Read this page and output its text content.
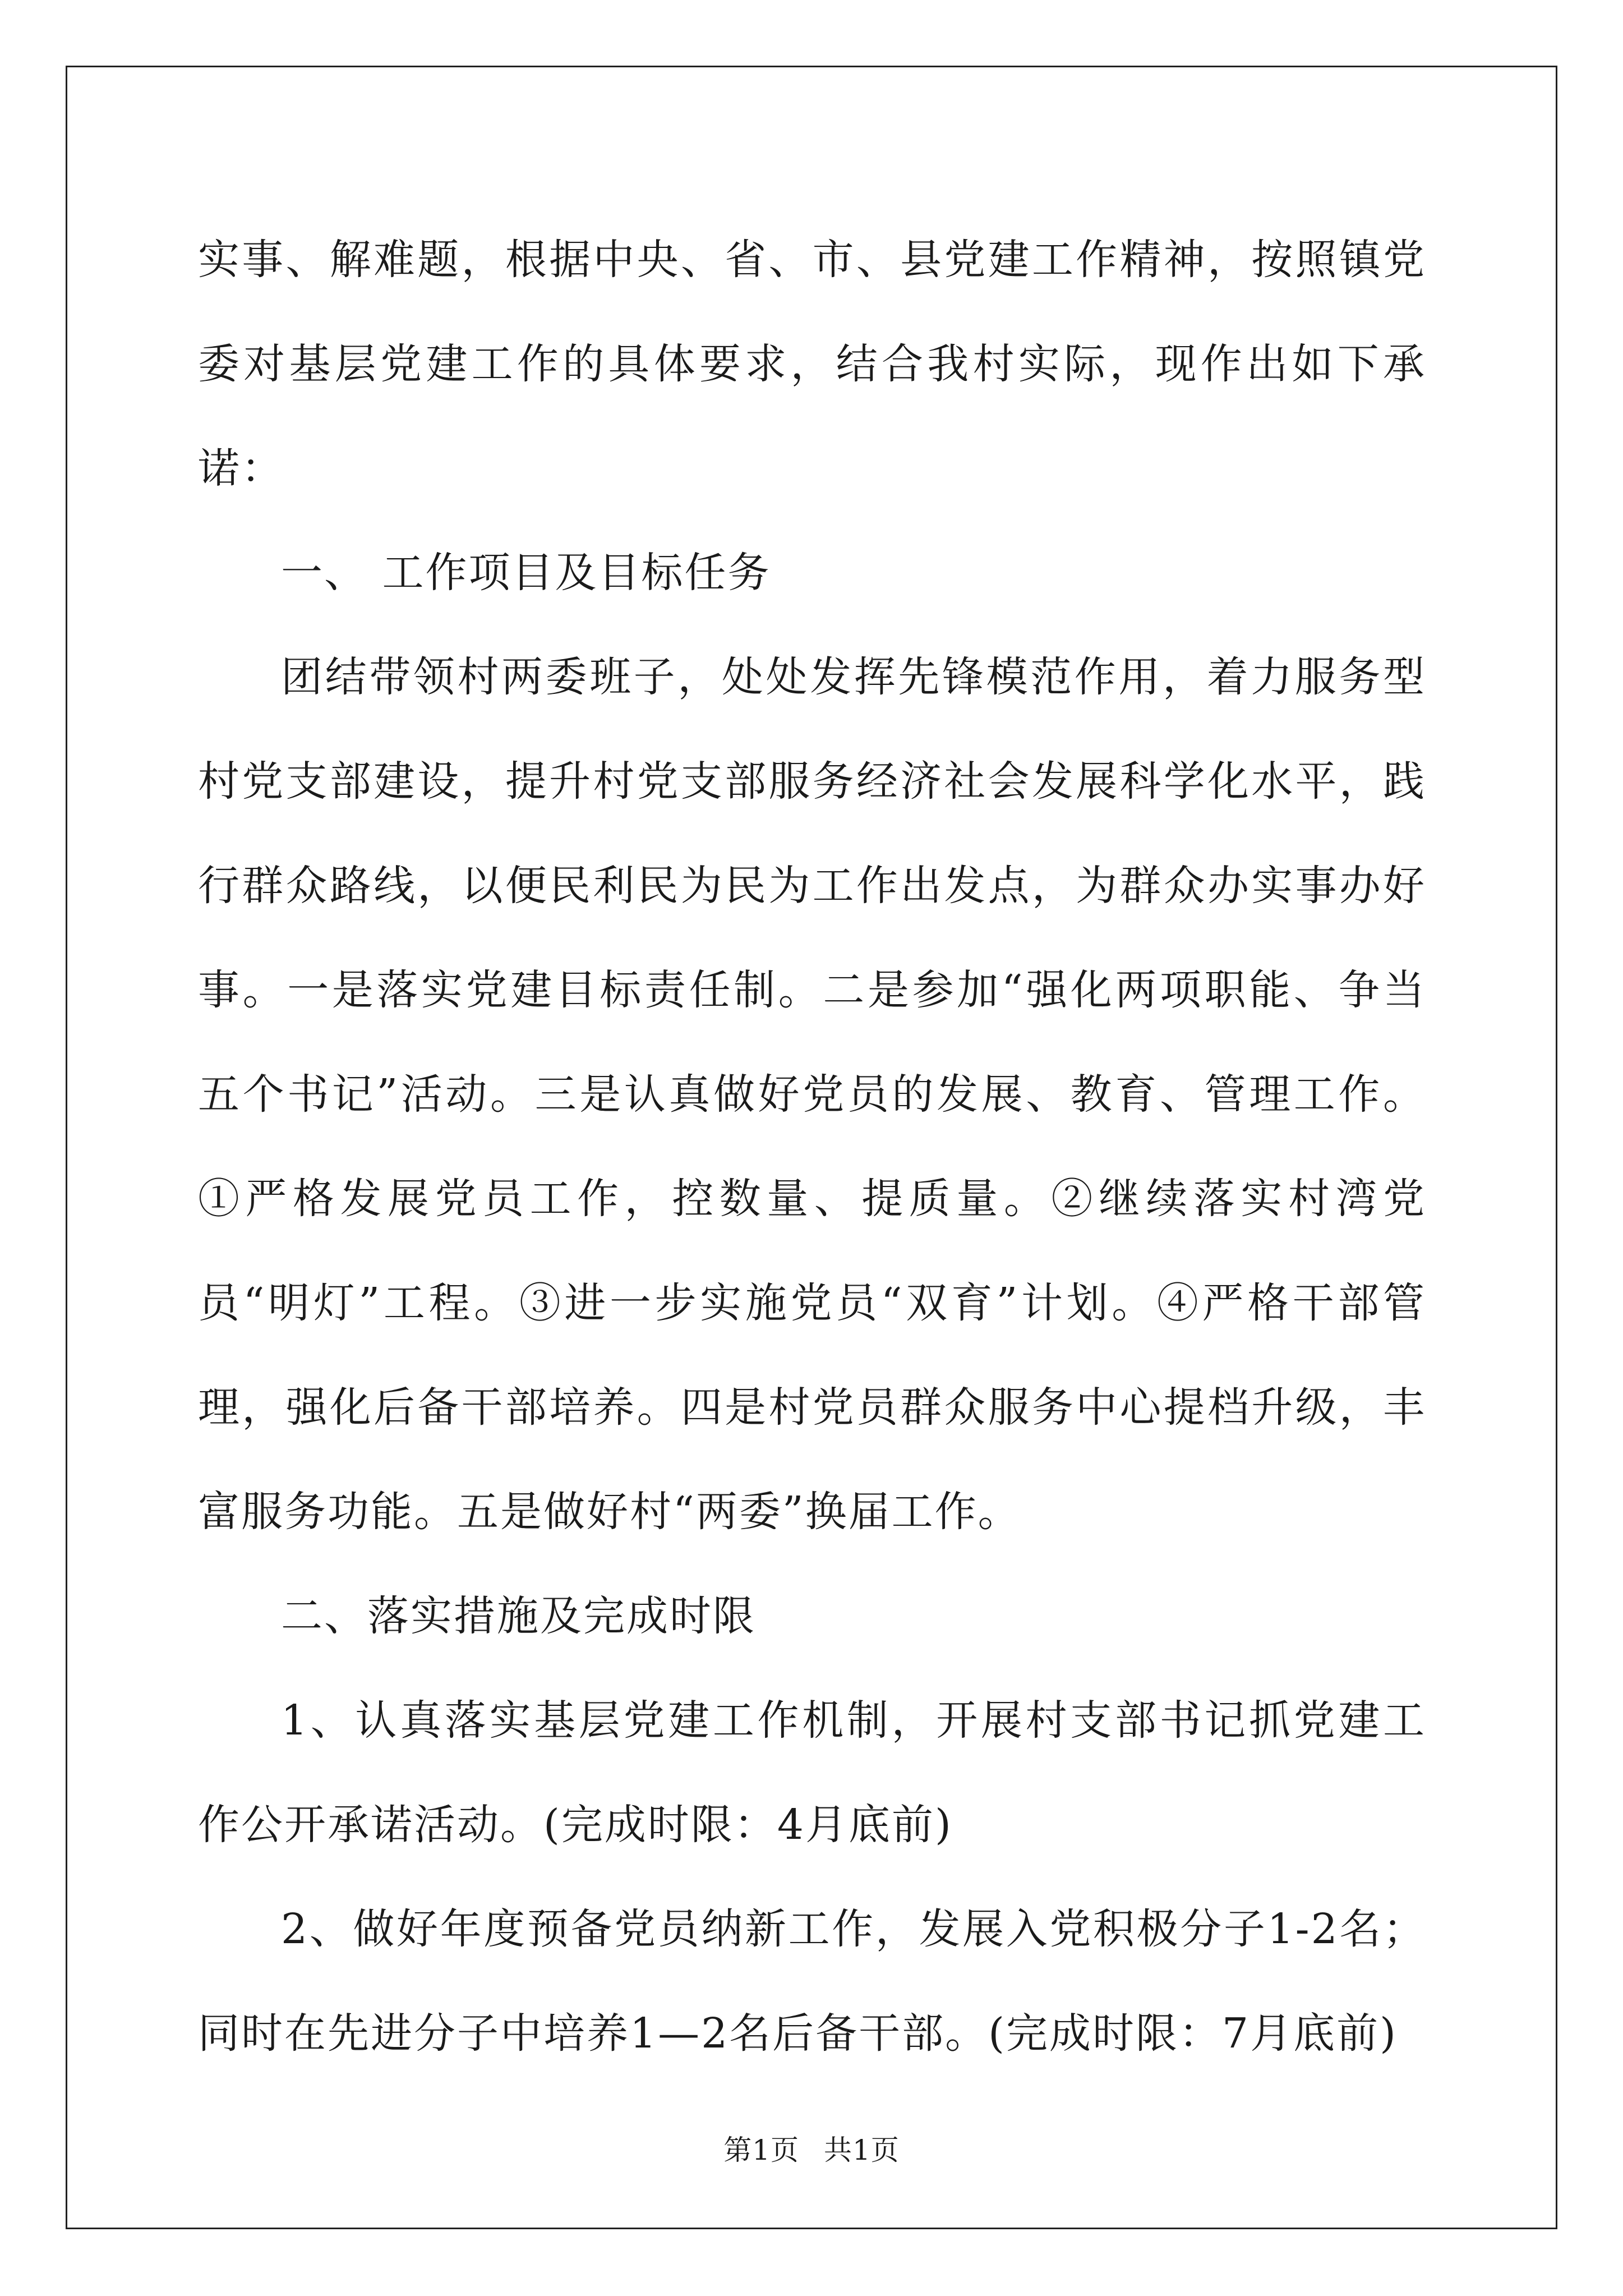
实事、解难题，根据中央、省、市、县党建工作精神，按照镇党委对基层党建工作的具体要求，结合我村实际，现作出如下承诺：

一、 工作项目及目标任务

团结带领村两委班子，处处发挥先锋模范作用，着力服务型村党支部建设，提升村党支部服务经济社会发展科学化水平，践行群众路线，以便民利民为民为工作出发点，为群众办实事办好事。一是落实党建目标责任制。二是参加“强化两项职能、争当五个书记”活动。三是认真做好党员的发展、教育、管理工作。①严格发展党员工作，控数量、提质量。②继续落实村湾党员“明灯”工程。③进一步实施党员“双育”计划。④严格干部管理，强化后备干部培养。四是村党员群众服务中心提档升级，丰富服务功能。五是做好村“两委”换届工作。

二、落实措施及完成时限

1、认真落实基层党建工作机制，开展村支部书记抓党建工作公开承诺活动。(完成时限：4月底前)

2、做好年度预备党员纳新工作，发展入党积极分子1-2名；同时在先进分子中培养1—2名后备干部。(完成时限：7月底前)

第1页 共1页
